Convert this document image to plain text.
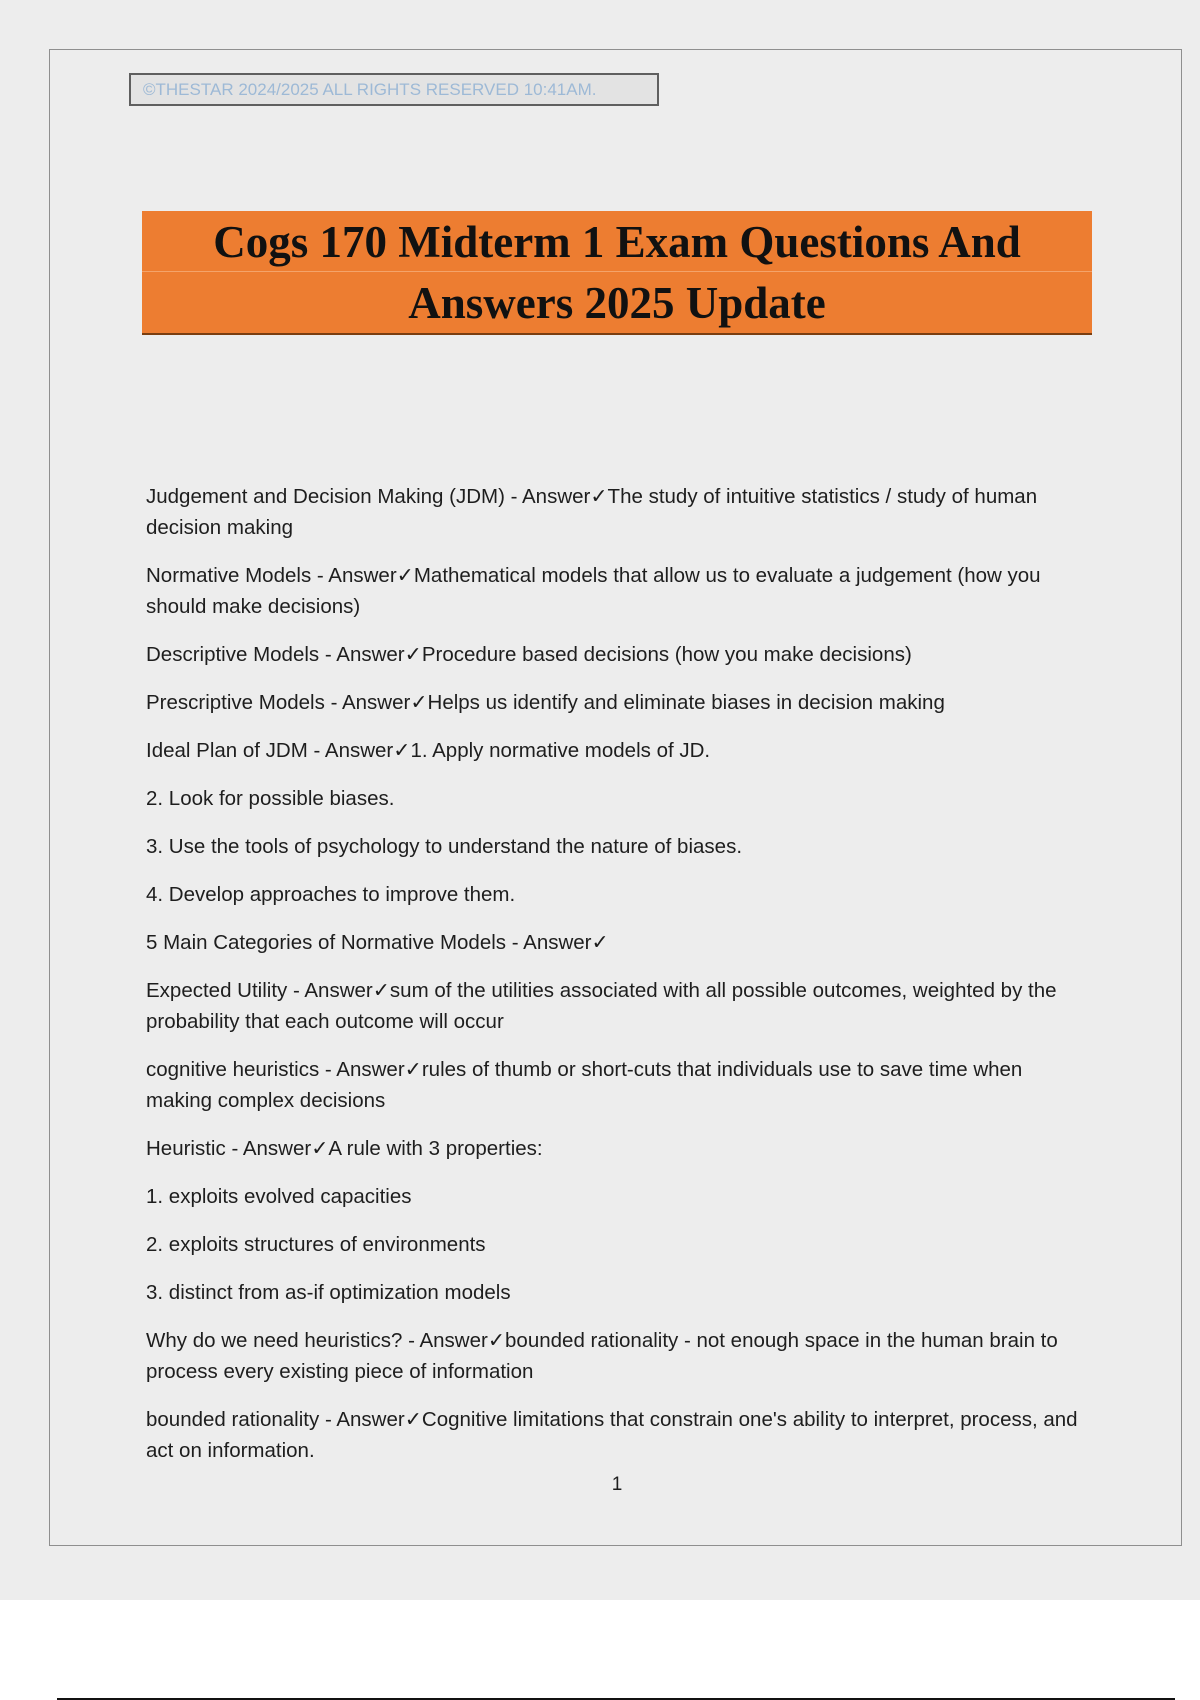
©THESTAR 2024/2025 ALL RIGHTS RESERVED 10:41AM.
Cogs 170 Midterm 1 Exam Questions And
Answers 2025 Update
Judgement and Decision Making (JDM) - Answer✓The study of intuitive statistics / study of human decision making
Normative Models - Answer✓Mathematical models that allow us to evaluate a judgement (how you should make decisions)
Descriptive Models - Answer✓Procedure based decisions (how you make decisions)
Prescriptive Models - Answer✓Helps us identify and eliminate biases in decision making
Ideal Plan of JDM - Answer✓1. Apply normative models of JD.
2. Look for possible biases.
3. Use the tools of psychology to understand the nature of biases.
4. Develop approaches to improve them.
5 Main Categories of Normative Models - Answer✓
Expected Utility - Answer✓sum of the utilities associated with all possible outcomes, weighted by the probability that each outcome will occur
cognitive heuristics - Answer✓rules of thumb or short-cuts that individuals use to save time when making complex decisions
Heuristic - Answer✓A rule with 3 properties:
1. exploits evolved capacities
2. exploits structures of environments
3. distinct from as-if optimization models
Why do we need heuristics? - Answer✓bounded rationality - not enough space in the human brain to process every existing piece of information
bounded rationality - Answer✓Cognitive limitations that constrain one's ability to interpret, process, and act on information.
1
